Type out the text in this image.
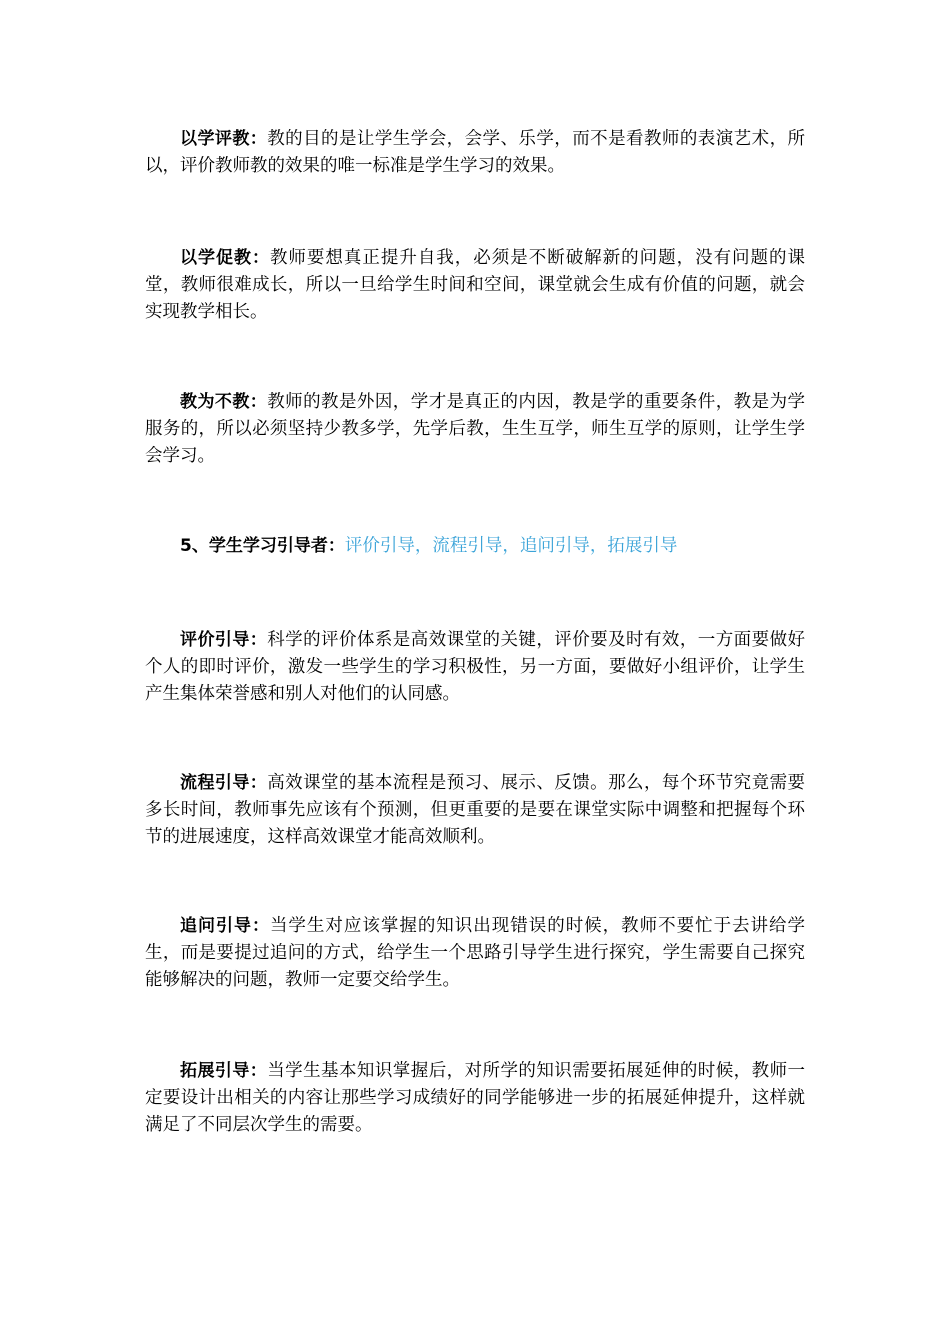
以学评教：教的目的是让学生学会，会学、乐学，而不是看教师的表演艺术，所以，评价教师教的效果的唯一标准是学生学习的效果。

以学促教：教师要想真正提升自我，必须是不断破解新的问题，没有问题的课堂，教师很难成长，所以一旦给学生时间和空间，课堂就会生成有价值的问题，就会实现教学相长。

教为不教：教师的教是外因，学才是真正的内因，教是学的重要条件，教是为学服务的，所以必须坚持少教多学，先学后教，生生互学，师生互学的原则，让学生学会学习。

5、学生学习引导者：评价引导，流程引导，追问引导，拓展引导

评价引导：科学的评价体系是高效课堂的关键，评价要及时有效，一方面要做好个人的即时评价，激发一些学生的学习积极性，另一方面，要做好小组评价，让学生产生集体荣誉感和别人对他们的认同感。

流程引导：高效课堂的基本流程是预习、展示、反馈。那么，每个环节究竟需要多长时间，教师事先应该有个预测，但更重要的是要在课堂实际中调整和把握每个环节的进展速度，这样高效课堂才能高效顺利。

追问引导：当学生对应该掌握的知识出现错误的时候，教师不要忙于去讲给学生，而是要提过追问的方式，给学生一个思路引导学生进行探究，学生需要自己探究能够解决的问题，教师一定要交给学生。

拓展引导：当学生基本知识掌握后，对所学的知识需要拓展延伸的时候，教师一定要设计出相关的内容让那些学习成绩好的同学能够进一步的拓展延伸提升，这样就满足了不同层次学生的需要。
